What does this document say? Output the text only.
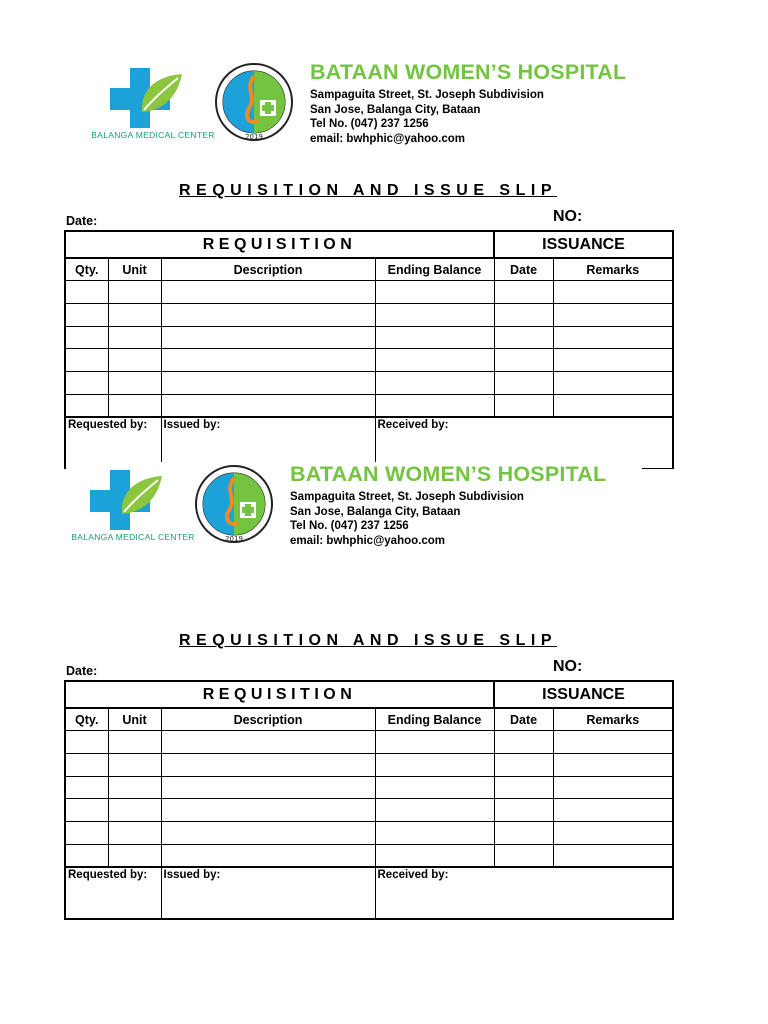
BALANGA MEDICAL CENTER	2019
BATAAN WOMEN’S HOSPITAL
Sampaguita Street, St. Joseph Subdivision
San Jose, Balanga City, Bataan
Tel No. (047) 237 1256
email: bwhphic@yahoo.com
REQUISITION AND ISSUE SLIP
Date:	NO:
REQUISITION				ISSUANCE	
Qty.	Unit	Description	Ending Balance	Date	Remarks

Requested by:		Issued by:	Received by:		
BALANGA MEDICAL CENTER	2019
BATAAN WOMEN’S HOSPITAL
Sampaguita Street, St. Joseph Subdivision
San Jose, Balanga City, Bataan
Tel No. (047) 237 1256
email: bwhphic@yahoo.com
REQUISITION AND ISSUE SLIP
Date:	NO:
REQUISITION				ISSUANCE	
Qty.	Unit	Description	Ending Balance	Date	Remarks

Requested by:		Issued by:	Received by:		
